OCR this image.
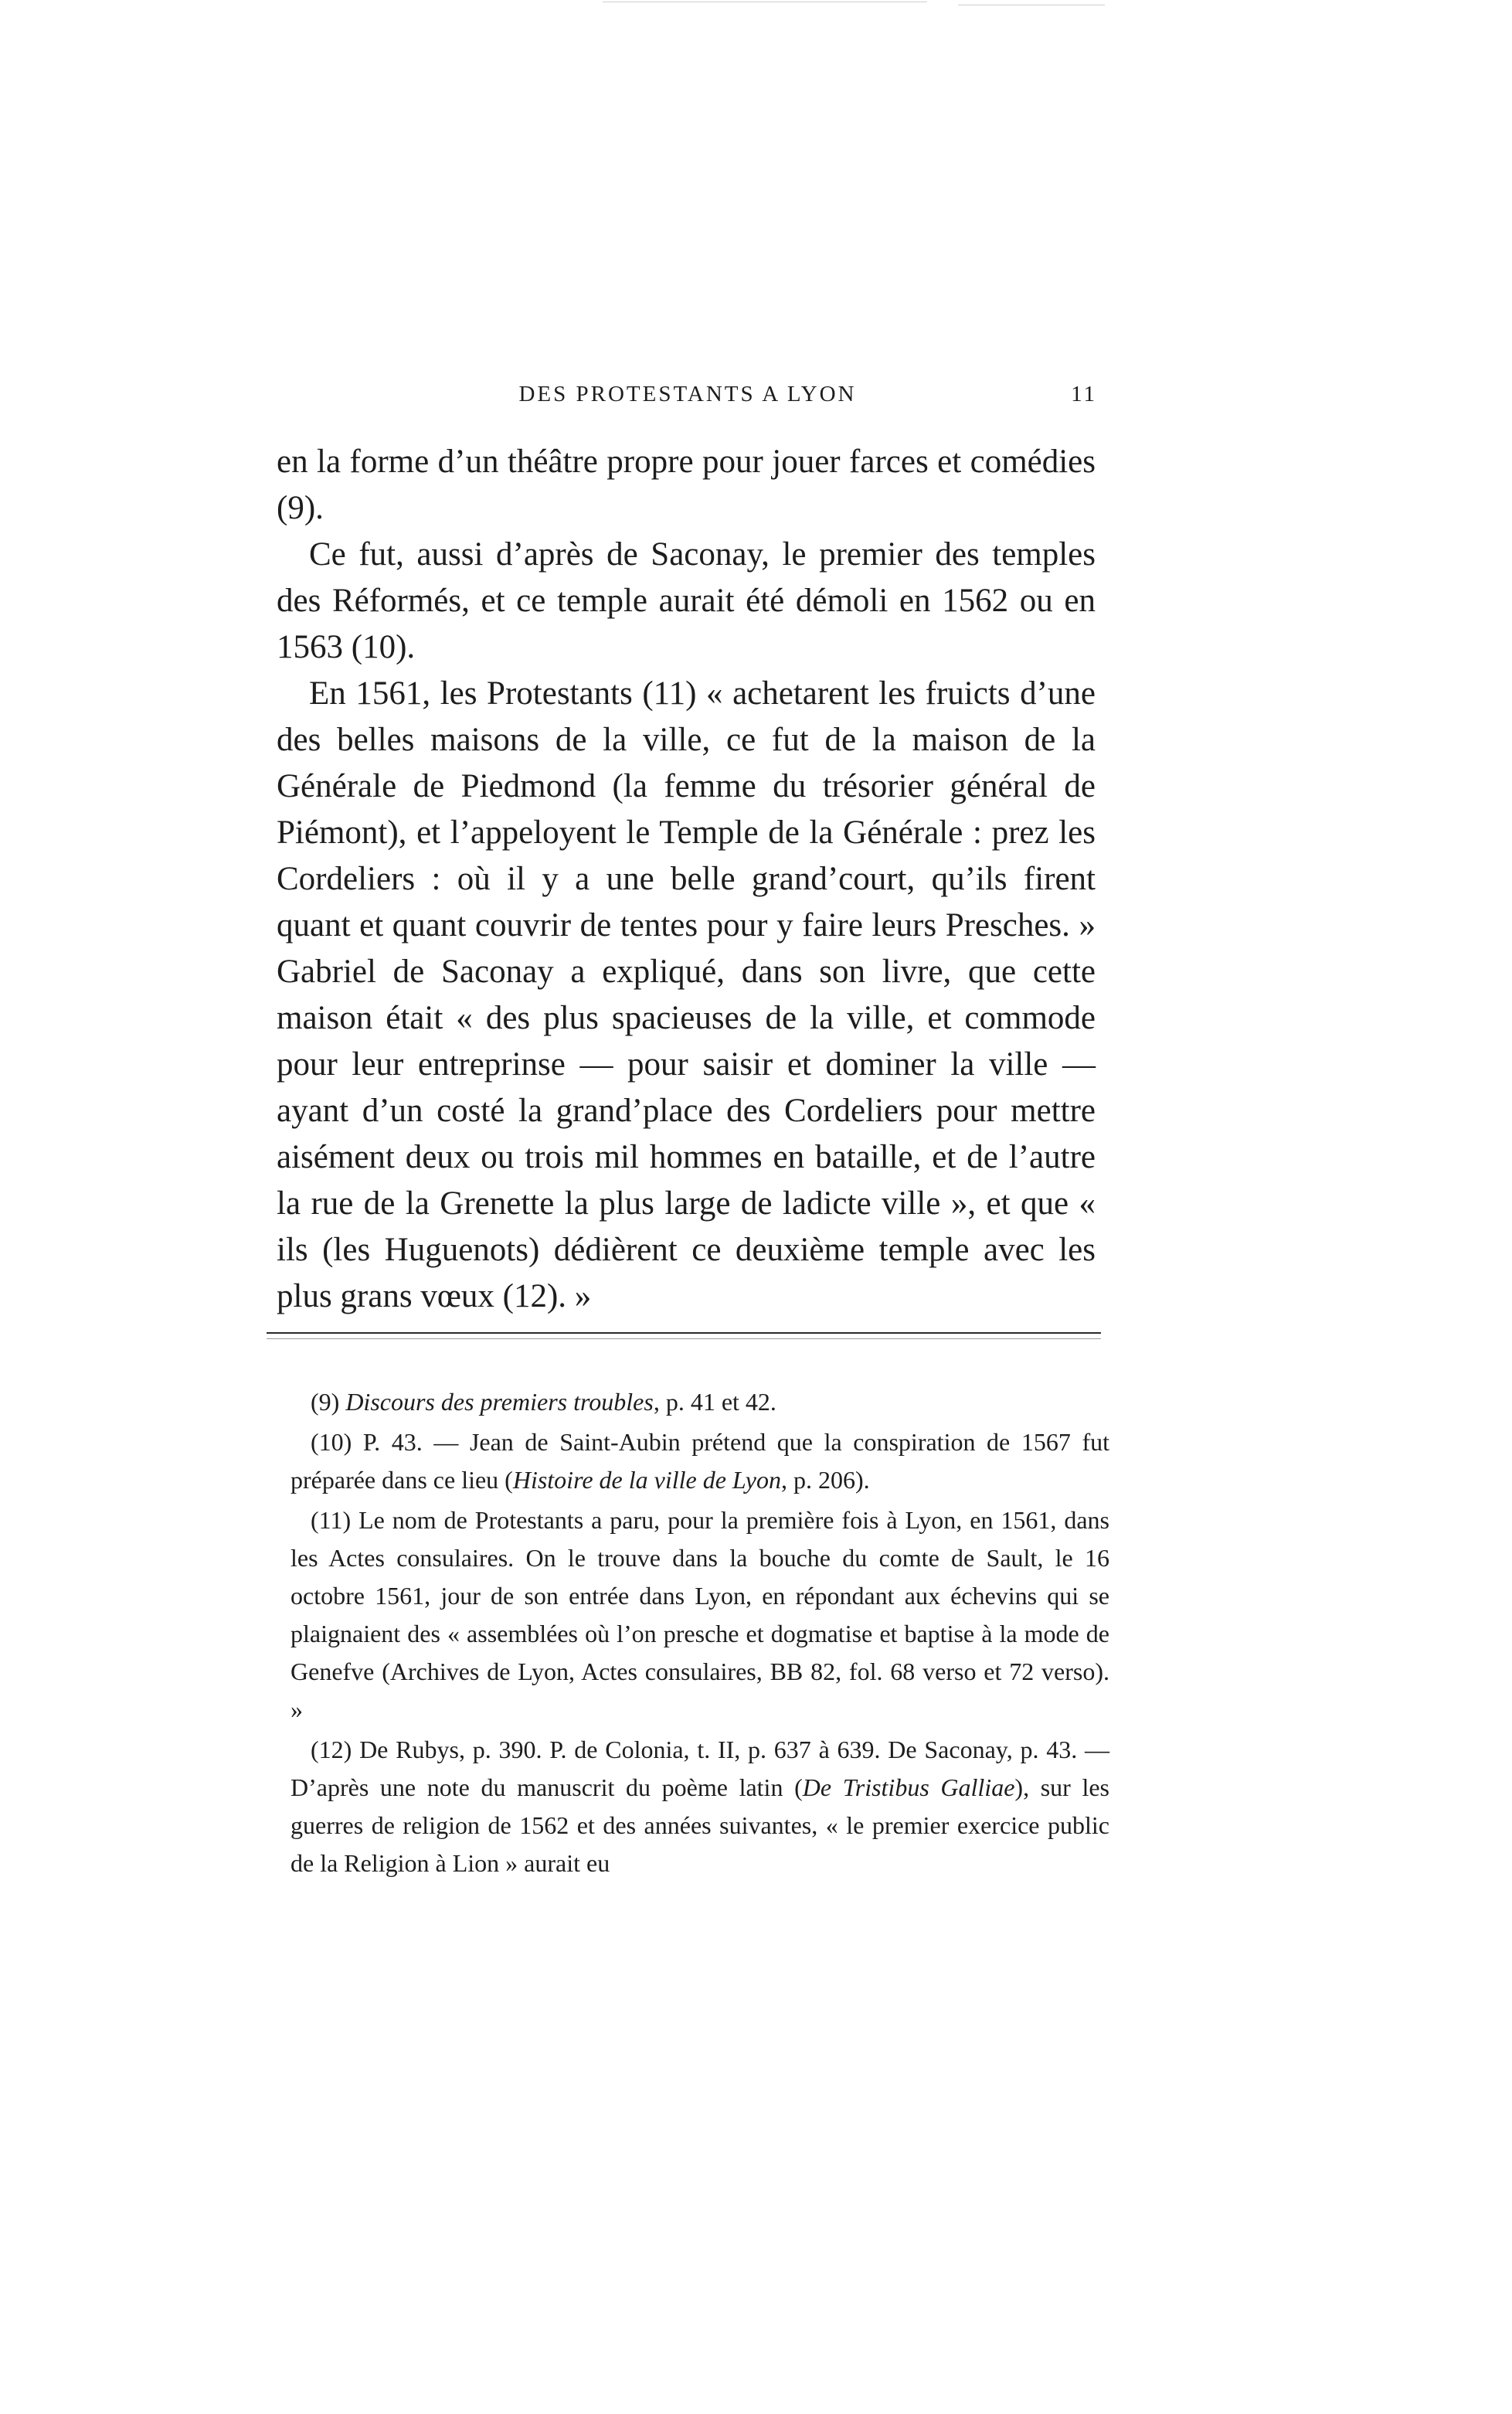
DES PROTESTANTS A LYON	11

en la forme d’un théâtre propre pour jouer farces et comédies (9).

Ce fut, aussi d’après de Saconay, le premier des temples des Réformés, et ce temple aurait été démoli en 1562 ou en 1563 (10).

En 1561, les Protestants (11) « achetarent les fruicts d’une des belles maisons de la ville, ce fut de la maison de la Générale de Piedmond (la femme du trésorier général de Piémont), et l’appeloyent le Temple de la Générale : prez les Cordeliers : où il y a une belle grand’court, qu’ils firent quant et quant couvrir de tentes pour y faire leurs Presches. » Gabriel de Saconay a expliqué, dans son livre, que cette maison était « des plus spacieuses de la ville, et commode pour leur entreprinse — pour saisir et dominer la ville — ayant d’un costé la grand’place des Cordeliers pour mettre aisément deux ou trois mil hommes en bataille, et de l’autre la rue de la Grenette la plus large de ladicte ville », et que « ils (les Huguenots) dédièrent ce deuxième temple avec les plus grans vœux (12). »

(9) Discours des premiers troubles, p. 41 et 42.

(10) P. 43. — Jean de Saint-Aubin prétend que la conspiration de 1567 fut préparée dans ce lieu (Histoire de la ville de Lyon, p. 206).

(11) Le nom de Protestants a paru, pour la première fois à Lyon, en 1561, dans les Actes consulaires. On le trouve dans la bouche du comte de Sault, le 16 octobre 1561, jour de son entrée dans Lyon, en répondant aux échevins qui se plaignaient des « assemblées où l’on presche et dogmatise et baptise à la mode de Genefve (Archives de Lyon, Actes consulaires, BB 82, fol. 68 verso et 72 verso). »

(12) De Rubys, p. 390. P. de Colonia, t. II, p. 637 à 639. De Saconay, p. 43. — D’après une note du manuscrit du poème latin (De Tristibus Galliae), sur les guerres de religion de 1562 et des années suivantes, « le premier exercice public de la Religion à Lion » aurait eu
